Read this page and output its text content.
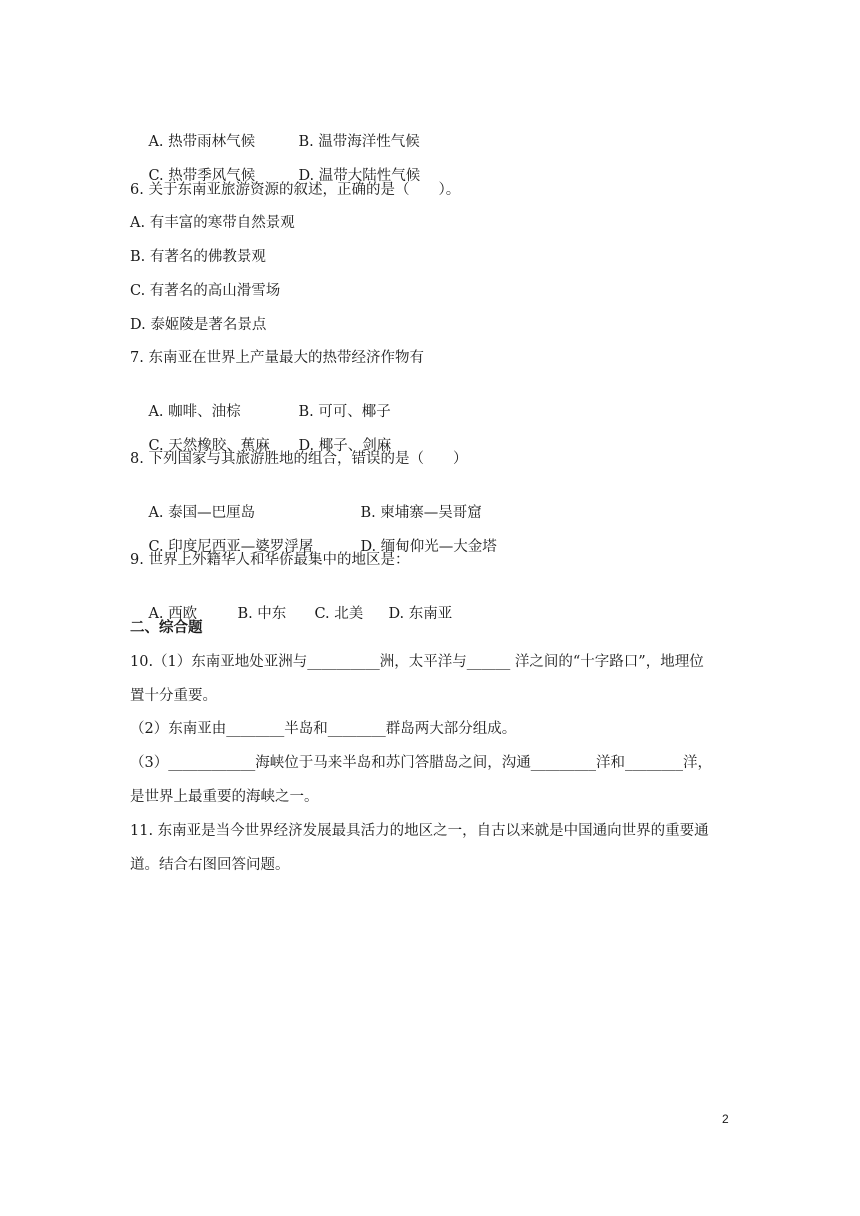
A. 热带雨林气候	B. 温带海洋性气候

C. 热带季风气候	D. 温带大陆性气候

6. 关于东南亚旅游资源的叙述，正确的是（　　）。
A. 有丰富的寒带自然景观
B. 有著名的佛教景观
C. 有著名的高山滑雪场
D. 泰姬陵是著名景点
7. 东南亚在世界上产量最大的热带经济作物有

A. 咖啡、油棕	B. 可可、椰子

C. 天然橡胶、蕉麻 D. 椰子、剑麻

8. 下列国家与其旅游胜地的组合，错误的是（　　）

A. 泰国—巴厘岛	B. 柬埔寨—吴哥窟

C. 印度尼西亚—婆罗浮屠	D. 缅甸仰光—大金塔

9. 世界上外籍华人和华侨最集中的地区是：

A. 西欧	B. 中东 C. 北美 D. 东南亚

二、综合题
10.（1）东南亚地处亚洲与__________洲，太平洋与______ 洋之间的“十字路口”，地理位
置十分重要。
（2）东南亚由________半岛和________群岛两大部分组成。
（3）____________海峡位于马来半岛和苏门答腊岛之间，沟通_________洋和________洋，
是世界上最重要的海峡之一。
11. 东南亚是当今世界经济发展最具活力的地区之一，自古以来就是中国通向世界的重要通
道。结合右图回答问题。
2
